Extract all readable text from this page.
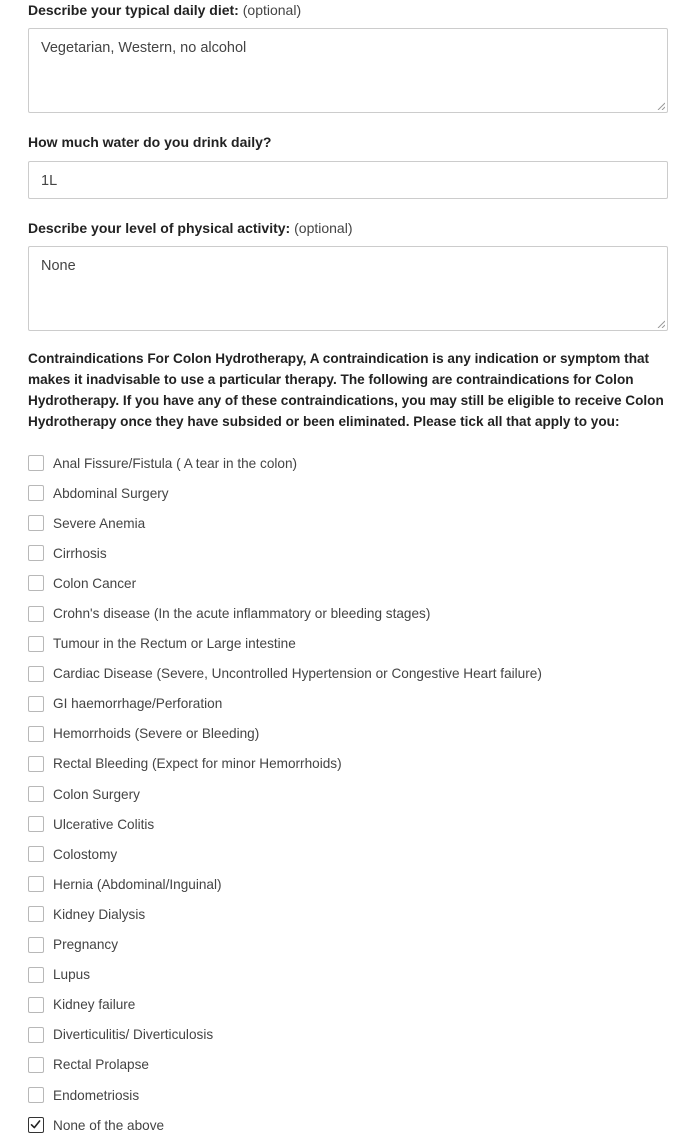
Describe your typical daily diet: (optional)
Vegetarian, Western, no alcohol
How much water do you drink daily?
1L
Describe your level of physical activity: (optional)
None
Contraindications For Colon Hydrotherapy, A contraindication is any indication or symptom that makes it inadvisable to use a particular therapy. The following are contraindications for Colon Hydrotherapy. If you have any of these contraindications, you may still be eligible to receive Colon Hydrotherapy once they have subsided or been eliminated. Please tick all that apply to you:
Anal Fissure/Fistula ( A tear in the colon)
Abdominal Surgery
Severe Anemia
Cirrhosis
Colon Cancer
Crohn's disease (In the acute inflammatory or bleeding stages)
Tumour in the Rectum or Large intestine
Cardiac Disease (Severe, Uncontrolled Hypertension or Congestive Heart failure)
GI haemorrhage/Perforation
Hemorrhoids (Severe or Bleeding)
Rectal Bleeding (Expect for minor Hemorrhoids)
Colon Surgery
Ulcerative Colitis
Colostomy
Hernia (Abdominal/Inguinal)
Kidney Dialysis
Pregnancy
Lupus
Kidney failure
Diverticulitis/ Diverticulosis
Rectal Prolapse
Endometriosis
None of the above
